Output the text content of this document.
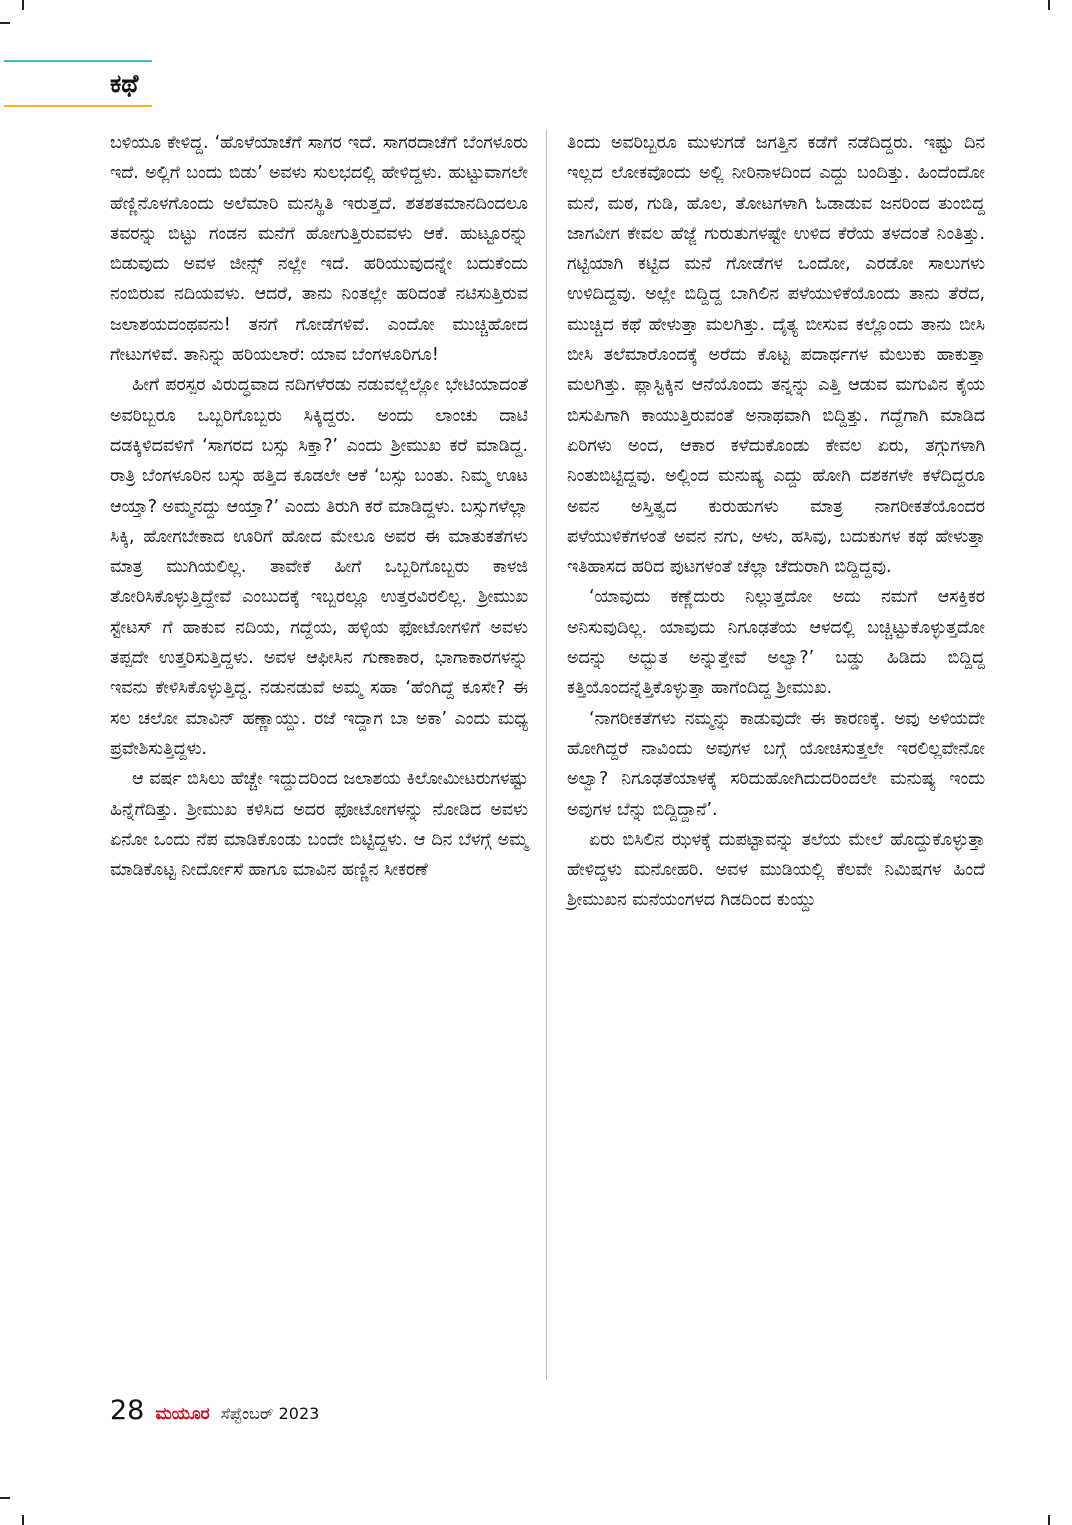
ಕಥೆ

ಬಳಿಯೂ ಕೇಳಿದ್ದ. ‘ಹೊಳೆಯಾಚೆಗೆ ಸಾಗರ ಇದೆ. ಸಾಗರದಾಚೆಗೆ ಬೆಂಗಳೂರು ಇದೆ. ಅಲ್ಲಿಗೆ ಬಂದು ಬಿಡು’ ಅವಳು ಸುಲಭದಲ್ಲಿ ಹೇಳಿದ್ದಳು. ಹುಟ್ಟುವಾಗಲೇ ಹೆಣ್ಣಿನೊಳಗೊಂದು ಅಲೆಮಾರಿ ಮನಸ್ಥಿತಿ ಇರುತ್ತದೆ. ಶತಶತಮಾನದಿಂದಲೂ ತವರನ್ನು ಬಿಟ್ಟು ಗಂಡನ ಮನೆಗೆ ಹೋಗುತ್ತಿರುವವಳು ಆಕೆ. ಹುಟ್ಟೂರನ್ನು ಬಿಡುವುದು ಅವಳ ಜೀನ್ಸ್ ನಲ್ಲೇ ಇದೆ. ಹರಿಯುವುದನ್ನೇ ಬದುಕೆಂದು ನಂಬಿರುವ ನದಿಯವಳು. ಆದರೆ, ತಾನು ನಿಂತಲ್ಲೇ ಹರಿದಂತೆ ನಟಿಸುತ್ತಿರುವ ಜಲಾಶಯದಂಥವನು! ತನಗೆ ಗೋಡೆಗಳಿವೆ. ಎಂದೋ ಮುಚ್ಚಿಹೋದ ಗೇಟುಗಳಿವೆ. ತಾನಿನ್ನು ಹರಿಯಲಾರೆ: ಯಾವ ಬೆಂಗಳೂರಿಗೂ!

ಹೀಗೆ ಪರಸ್ಪರ ವಿರುದ್ಧವಾದ ನದಿಗಳೆರಡು ನಡುವಲ್ಲೆಲ್ಲೋ ಭೇಟಿಯಾದಂತೆ ಅವರಿಬ್ಬರೂ ಒಬ್ಬರಿಗೊಬ್ಬರು ಸಿಕ್ಕಿದ್ದರು. ಅಂದು ಲಾಂಚು ದಾಟಿ ದಡಕ್ಕಿಳಿದವಳಿಗೆ ‘ಸಾಗರದ ಬಸ್ಸು ಸಿಕ್ತಾ?’ ಎಂದು ಶ್ರೀಮುಖ ಕರೆ ಮಾಡಿದ್ದ. ರಾತ್ರಿ ಬೆಂಗಳೂರಿನ ಬಸ್ಸು ಹತ್ತಿದ ಕೂಡಲೇ ಆಕೆ ‘ಬಸ್ಸು ಬಂತು. ನಿಮ್ಮ ಊಟ ಆಯ್ತಾ? ಅಮ್ಮನದ್ದು ಆಯ್ತಾ?’ ಎಂದು ತಿರುಗಿ ಕರೆ ಮಾಡಿದ್ದಳು. ಬಸ್ಸುಗಳೆಲ್ಲಾ ಸಿಕ್ಕಿ, ಹೋಗಬೇಕಾದ ಊರಿಗೆ ಹೋದ ಮೇಲೂ ಅವರ ಈ ಮಾತುಕತೆಗಳು ಮಾತ್ರ ಮುಗಿಯಲಿಲ್ಲ. ತಾವೇಕೆ ಹೀಗೆ ಒಬ್ಬರಿಗೊಬ್ಬರು ಕಾಳಜಿ ತೋರಿಸಿಕೊಳ್ಳುತ್ತಿದ್ದೇವೆ ಎಂಬುದಕ್ಕೆ ಇಬ್ಬರಲ್ಲೂ ಉತ್ತರವಿರಲಿಲ್ಲ. ಶ್ರೀಮುಖ ಸ್ಟೇಟಸ್ ಗೆ ಹಾಕುವ ನದಿಯ, ಗದ್ದೆಯ, ಹಳ್ಳಿಯ ಫೋಟೋಗಳಿಗೆ ಅವಳು ತಪ್ಪದೇ ಉತ್ತರಿಸುತ್ತಿದ್ದಳು. ಅವಳ ಆಫೀಸಿನ ಗುಣಾಕಾರ, ಭಾಗಾಕಾರಗಳನ್ನು ಇವನು ಕೇಳಿಸಿಕೊಳ್ಳುತ್ತಿದ್ದ. ನಡುನಡುವೆ ಅಮ್ಮ ಸಹಾ ‘ಹೆಂಗಿದ್ದೆ ಕೂಸೇ? ಈ ಸಲ ಚಲೋ ಮಾವಿನ್ ಹಣ್ಣಾಯ್ದು. ರಜೆ ಇದ್ದಾಗ ಬಾ ಅಕಾ’ ಎಂದು ಮಧ್ಯ ಪ್ರವೇಶಿಸುತ್ತಿದ್ದಳು.

ಆ ವರ್ಷ ಬಿಸಿಲು ಹೆಚ್ಚೇ ಇದ್ದುದರಿಂದ ಜಲಾಶಯ ಕಿಲೋಮೀಟರುಗಳಷ್ಟು ಹಿನ್ನೆಗೆದಿತ್ತು. ಶ್ರೀಮುಖ ಕಳಿಸಿದ ಅದರ ಫೋಟೋಗಳನ್ನು ನೋಡಿದ ಅವಳು ಏನೋ ಒಂದು ನೆಪ ಮಾಡಿಕೊಂಡು ಬಂದೇ ಬಿಟ್ಟಿದ್ದಳು. ಆ ದಿನ ಬೆಳಗ್ಗೆ ಅಮ್ಮ ಮಾಡಿಕೊಟ್ಟ ನೀರ್ದೋಸೆ ಹಾಗೂ ಮಾವಿನ ಹಣ್ಣಿನ ಸೀಕರಣೆ

ತಿಂದು ಅವರಿಬ್ಬರೂ ಮುಳುಗಡೆ ಜಗತ್ತಿನ ಕಡೆಗೆ ನಡೆದಿದ್ದರು. ಇಷ್ಟು ದಿನ ಇಲ್ಲದ ಲೋಕವೊಂದು ಅಲ್ಲಿ ನೀರಿನಾಳದಿಂದ ಎದ್ದು ಬಂದಿತ್ತು. ಹಿಂದೆಂದೋ ಮನೆ, ಮಠ, ಗುಡಿ, ಹೊಲ, ತೋಟಗಳಾಗಿ ಓಡಾಡುವ ಜನರಿಂದ ತುಂಬಿದ್ದ ಜಾಗವೀಗ ಕೇವಲ ಹೆಜ್ಜೆ ಗುರುತುಗಳಷ್ಟೇ ಉಳಿದ ಕೆರೆಯ ತಳದಂತೆ ನಿಂತಿತ್ತು. ಗಟ್ಟಿಯಾಗಿ ಕಟ್ಟಿದ ಮನೆ ಗೋಡೆಗಳ ಒಂದೋ, ಎರಡೋ ಸಾಲುಗಳು ಉಳಿದಿದ್ದವು. ಅಲ್ಲೇ ಬಿದ್ದಿದ್ದ ಬಾಗಿಲಿನ ಪಳೆಯುಳಿಕೆಯೊಂದು ತಾನು ತೆರೆದ, ಮುಚ್ಚಿದ ಕಥೆ ಹೇಳುತ್ತಾ ಮಲಗಿತ್ತು. ದೈತ್ಯ ಬೀಸುವ ಕಲ್ಲೊಂದು ತಾನು ಬೀಸಿ ಬೀಸಿ ತಲೆಮಾರೊಂದಕ್ಕೆ ಅರೆದು ಕೊಟ್ಟ ಪದಾರ್ಥಗಳ ಮೆಲುಕು ಹಾಕುತ್ತಾ ಮಲಗಿತ್ತು. ಪ್ಲಾಸ್ಟಿಕ್ಕಿನ ಆನೆಯೊಂದು ತನ್ನನ್ನು ಎತ್ತಿ ಆಡುವ ಮಗುವಿನ ಕೈಯ ಬಿಸುಪಿಗಾಗಿ ಕಾಯುತ್ತಿರುವಂತೆ ಅನಾಥವಾಗಿ ಬಿದ್ದಿತ್ತು. ಗದ್ದೆಗಾಗಿ ಮಾಡಿದ ಏರಿಗಳು ಅಂದ, ಆಕಾರ ಕಳೆದುಕೊಂಡು ಕೇವಲ ಏರು, ತಗ್ಗುಗಳಾಗಿ ನಿಂತುಬಿಟ್ಟಿದ್ದವು. ಅಲ್ಲಿಂದ ಮನುಷ್ಯ ಎದ್ದು ಹೋಗಿ ದಶಕಗಳೇ ಕಳೆದಿದ್ದರೂ ಅವನ ಅಸ್ತಿತ್ವದ ಕುರುಹುಗಳು ಮಾತ್ರ ನಾಗರೀಕತೆಯೊಂದರ ಪಳೆಯುಳಿಕೆಗಳಂತೆ ಅವನ ನಗು, ಅಳು, ಹಸಿವು, ಬದುಕುಗಳ ಕಥೆ ಹೇಳುತ್ತಾ ಇತಿಹಾಸದ ಹರಿದ ಪುಟಗಳಂತೆ ಚೆಲ್ಲಾ ಚೆದುರಾಗಿ ಬಿದ್ದಿದ್ದವು.

‘ಯಾವುದು ಕಣ್ಣೆದುರು ನಿಲ್ಲುತ್ತದೋ ಅದು ನಮಗೆ ಆಸಕ್ತಿಕರ ಅನಿಸುವುದಿಲ್ಲ. ಯಾವುದು ನಿಗೂಢತೆಯ ಆಳದಲ್ಲಿ ಬಚ್ಚಿಟ್ಟುಕೊಳ್ಳುತ್ತದೋ ಅದನ್ನು ಅದ್ಭುತ ಅನ್ನುತ್ತೇವೆ ಅಲ್ವಾ?’ ಬಡ್ಡು ಹಿಡಿದು ಬಿದ್ದಿದ್ದ ಕತ್ತಿಯೊಂದನ್ನೆತ್ತಿಕೊಳ್ಳುತ್ತಾ ಹಾಗೆಂದಿದ್ದ ಶ್ರೀಮುಖ.

‘ನಾಗರೀಕತೆಗಳು ನಮ್ಮನ್ನು ಕಾಡುವುದೇ ಈ ಕಾರಣಕ್ಕೆ. ಅವು ಅಳಿಯದೇ ಹೋಗಿದ್ದರೆ ನಾವಿಂದು ಅವುಗಳ ಬಗ್ಗೆ ಯೋಚಿಸುತ್ತಲೇ ಇರಲಿಲ್ಲವೇನೋ ಅಲ್ವಾ? ನಿಗೂಢತೆಯಾಳಕ್ಕೆ ಸರಿದುಹೋಗಿದುದರಿಂದಲೇ ಮನುಷ್ಯ ಇಂದು ಅವುಗಳ ಬೆನ್ನು ಬಿದ್ದಿದ್ದಾನೆ’.

ಏರು ಬಿಸಿಲಿನ ಝಳಕ್ಕೆ ದುಪಟ್ಟಾವನ್ನು ತಲೆಯ ಮೇಲೆ ಹೊದ್ದುಕೊಳ್ಳುತ್ತಾ ಹೇಳಿದ್ದಳು ಮನೋಹರಿ. ಅವಳ ಮುಡಿಯಲ್ಲಿ ಕೆಲವೇ ನಿಮಿಷಗಳ ಹಿಂದೆ ಶ್ರೀಮುಖನ ಮನೆಯಂಗಳದ ಗಿಡದಿಂದ ಕುಯ್ದು

28 ಮಯೂರ ಸೆಪ್ಟೆಂಬರ್ 2023
